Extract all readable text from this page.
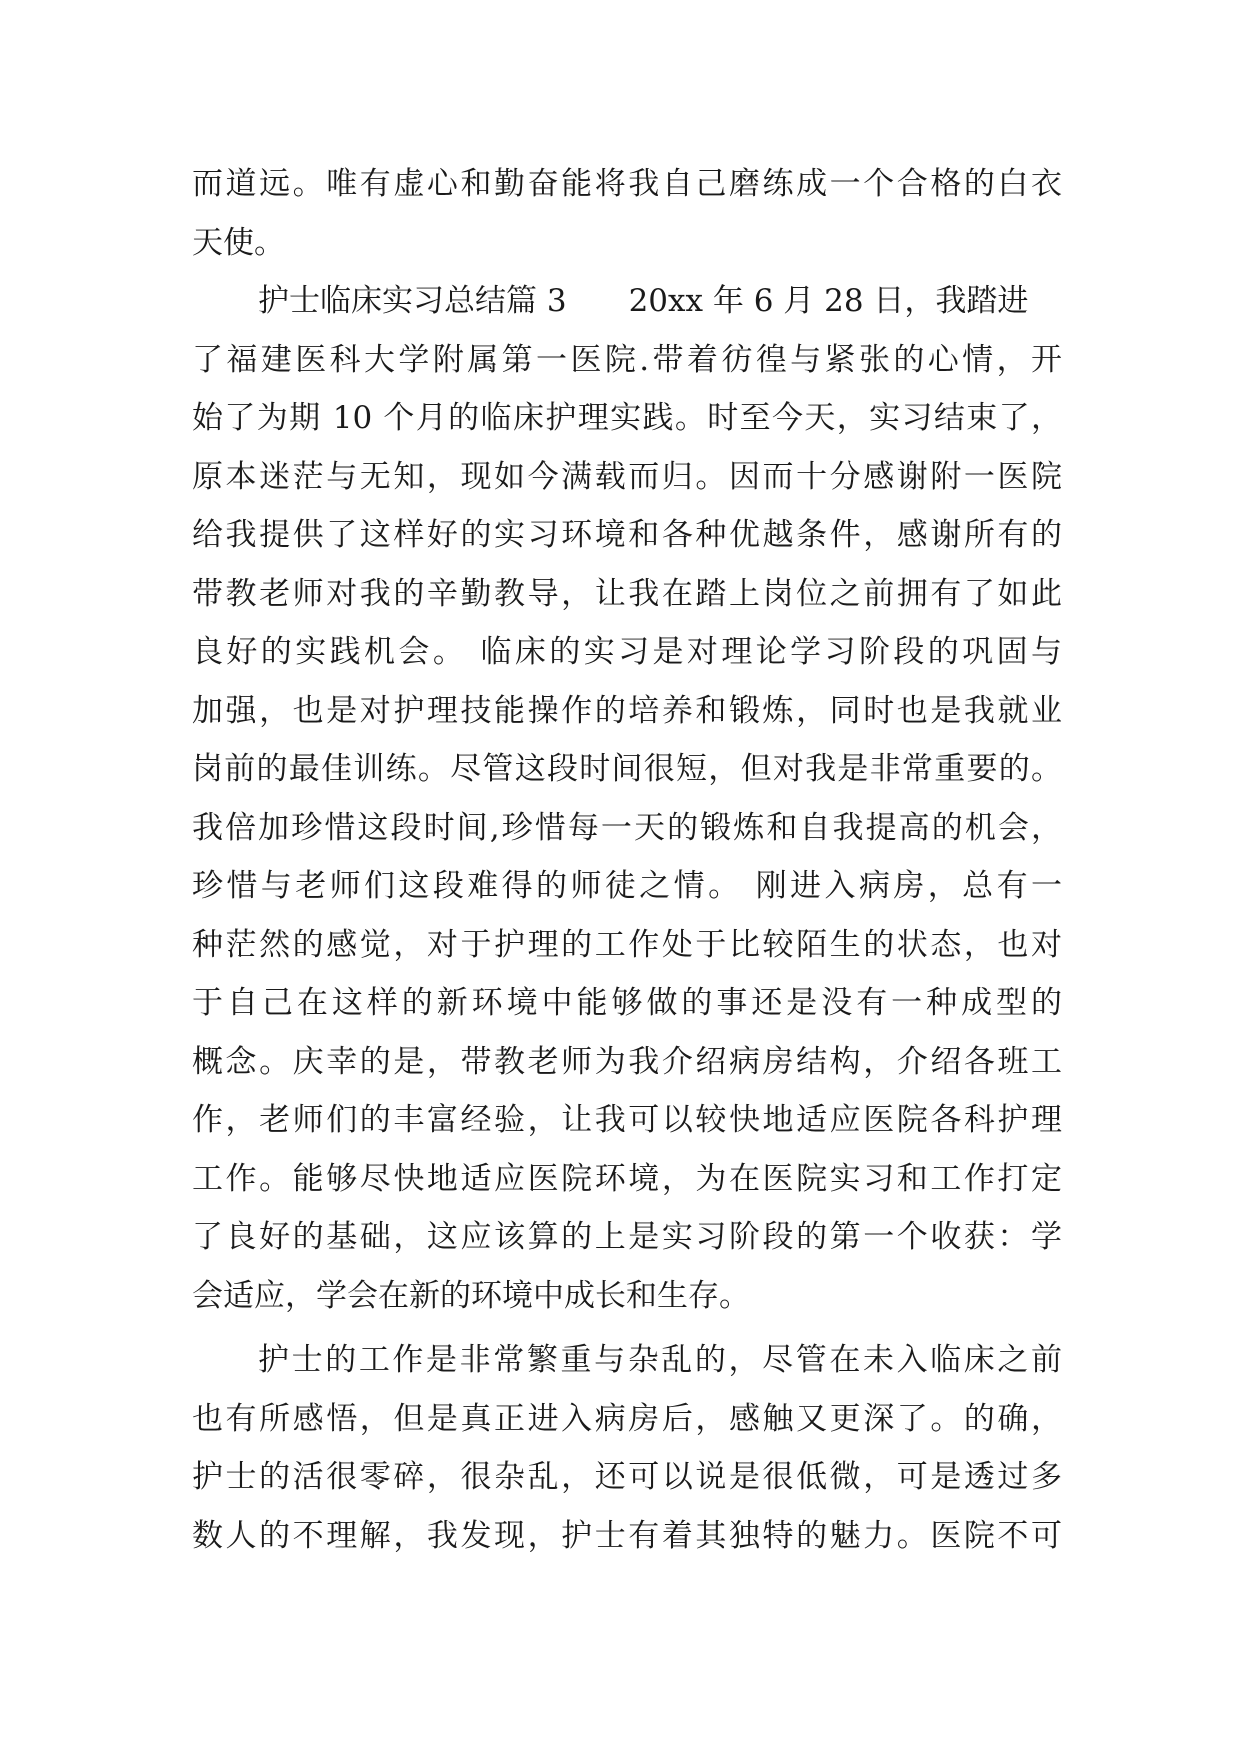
而道远。唯有虚心和勤奋能将我自己磨练成一个合格的白衣
天使。
护士临床实习总结篇 3　　20xx 年 6 月 28 日，我踏进
了福建医科大学附属第一医院.带着彷徨与紧张的心情，开
始了为期 10 个月的临床护理实践。时至今天，实习结束了，
原本迷茫与无知，现如今满载而归。因而十分感谢附一医院
给我提供了这样好的实习环境和各种优越条件，感谢所有的
带教老师对我的辛勤教导，让我在踏上岗位之前拥有了如此
良好的实践机会。 临床的实习是对理论学习阶段的巩固与
加强，也是对护理技能操作的培养和锻炼，同时也是我就业
岗前的最佳训练。尽管这段时间很短，但对我是非常重要的。
我倍加珍惜这段时间,珍惜每一天的锻炼和自我提高的机会，
珍惜与老师们这段难得的师徒之情。 刚进入病房，总有一
种茫然的感觉，对于护理的工作处于比较陌生的状态，也对
于自己在这样的新环境中能够做的事还是没有一种成型的
概念。庆幸的是，带教老师为我介绍病房结构，介绍各班工
作，老师们的丰富经验，让我可以较快地适应医院各科护理
工作。能够尽快地适应医院环境，为在医院实习和工作打定
了良好的基础，这应该算的上是实习阶段的第一个收获：学
会适应，学会在新的环境中成长和生存。
护士的工作是非常繁重与杂乱的，尽管在未入临床之前
也有所感悟，但是真正进入病房后，感触又更深了。的确，
护士的活很零碎，很杂乱，还可以说是很低微，可是透过多
数人的不理解，我发现，护士有着其独特的魅力。医院不可
